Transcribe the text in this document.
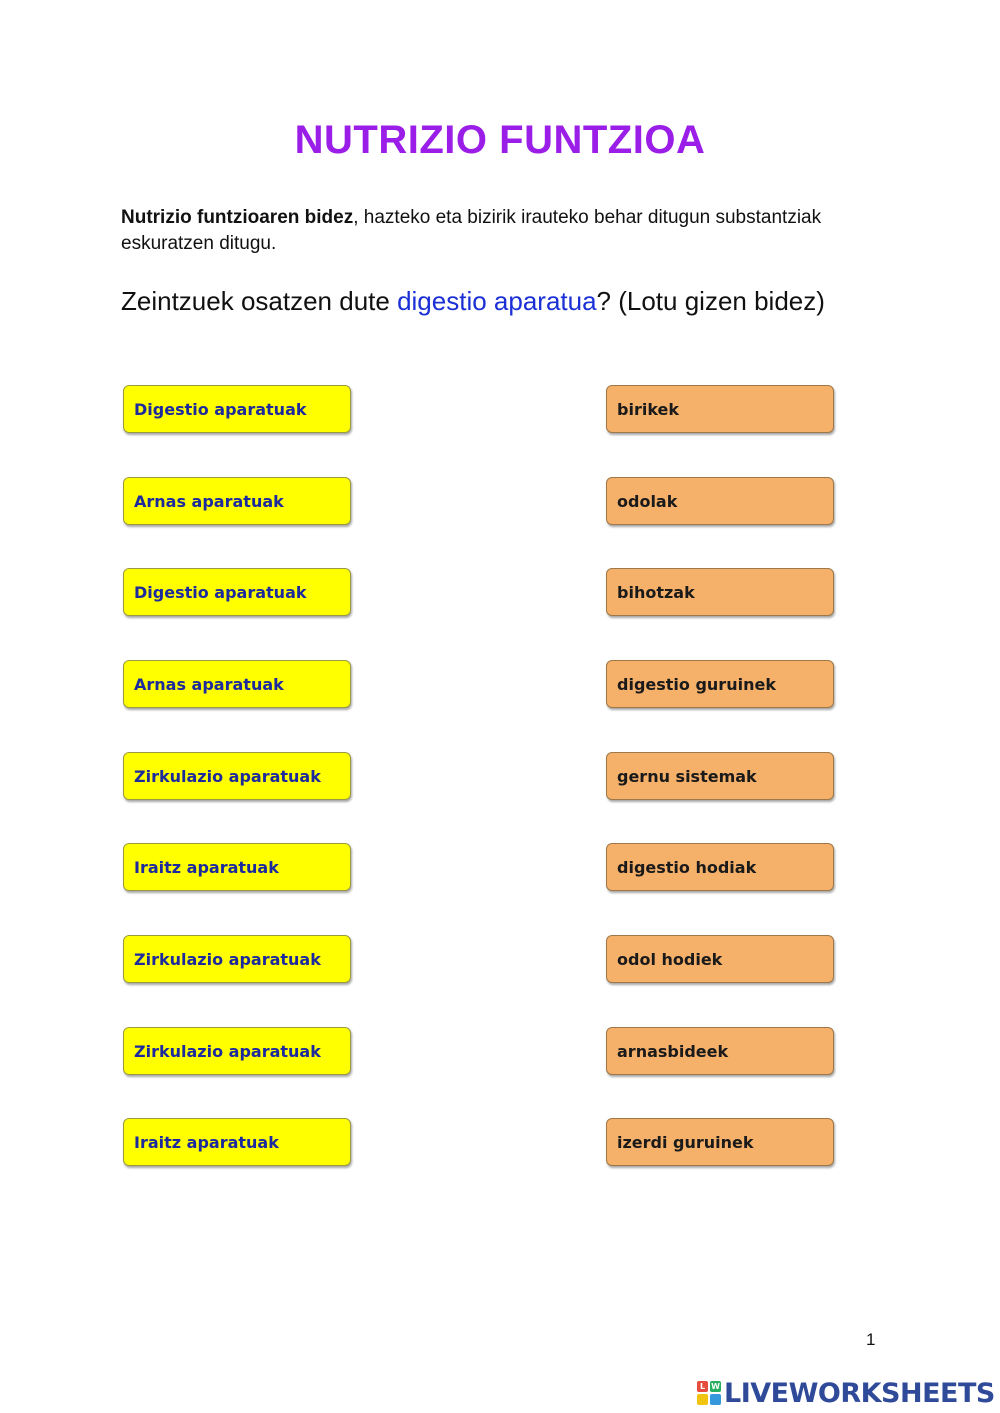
NUTRIZIO FUNTZIOA

Nutrizio funtzioaren bidez, hazteko eta bizirik irauteko behar ditugun substantziak eskuratzen ditugu.

Zeintzuek osatzen dute digestio aparatua? (Lotu gizen bidez)

Digestio aparatuak
Arnas aparatuak
Digestio aparatuak
Arnas aparatuak
Zirkulazio aparatuak
Iraitz aparatuak
Zirkulazio aparatuak
Zirkulazio aparatuak
Iraitz aparatuak
birikek
odolak
bihotzak
digestio guruinek
gernu sistemak
digestio hodiak
odol hodiek
arnasbideek
izerdi guruinek
1
L W LIVEWORKSHEETS
